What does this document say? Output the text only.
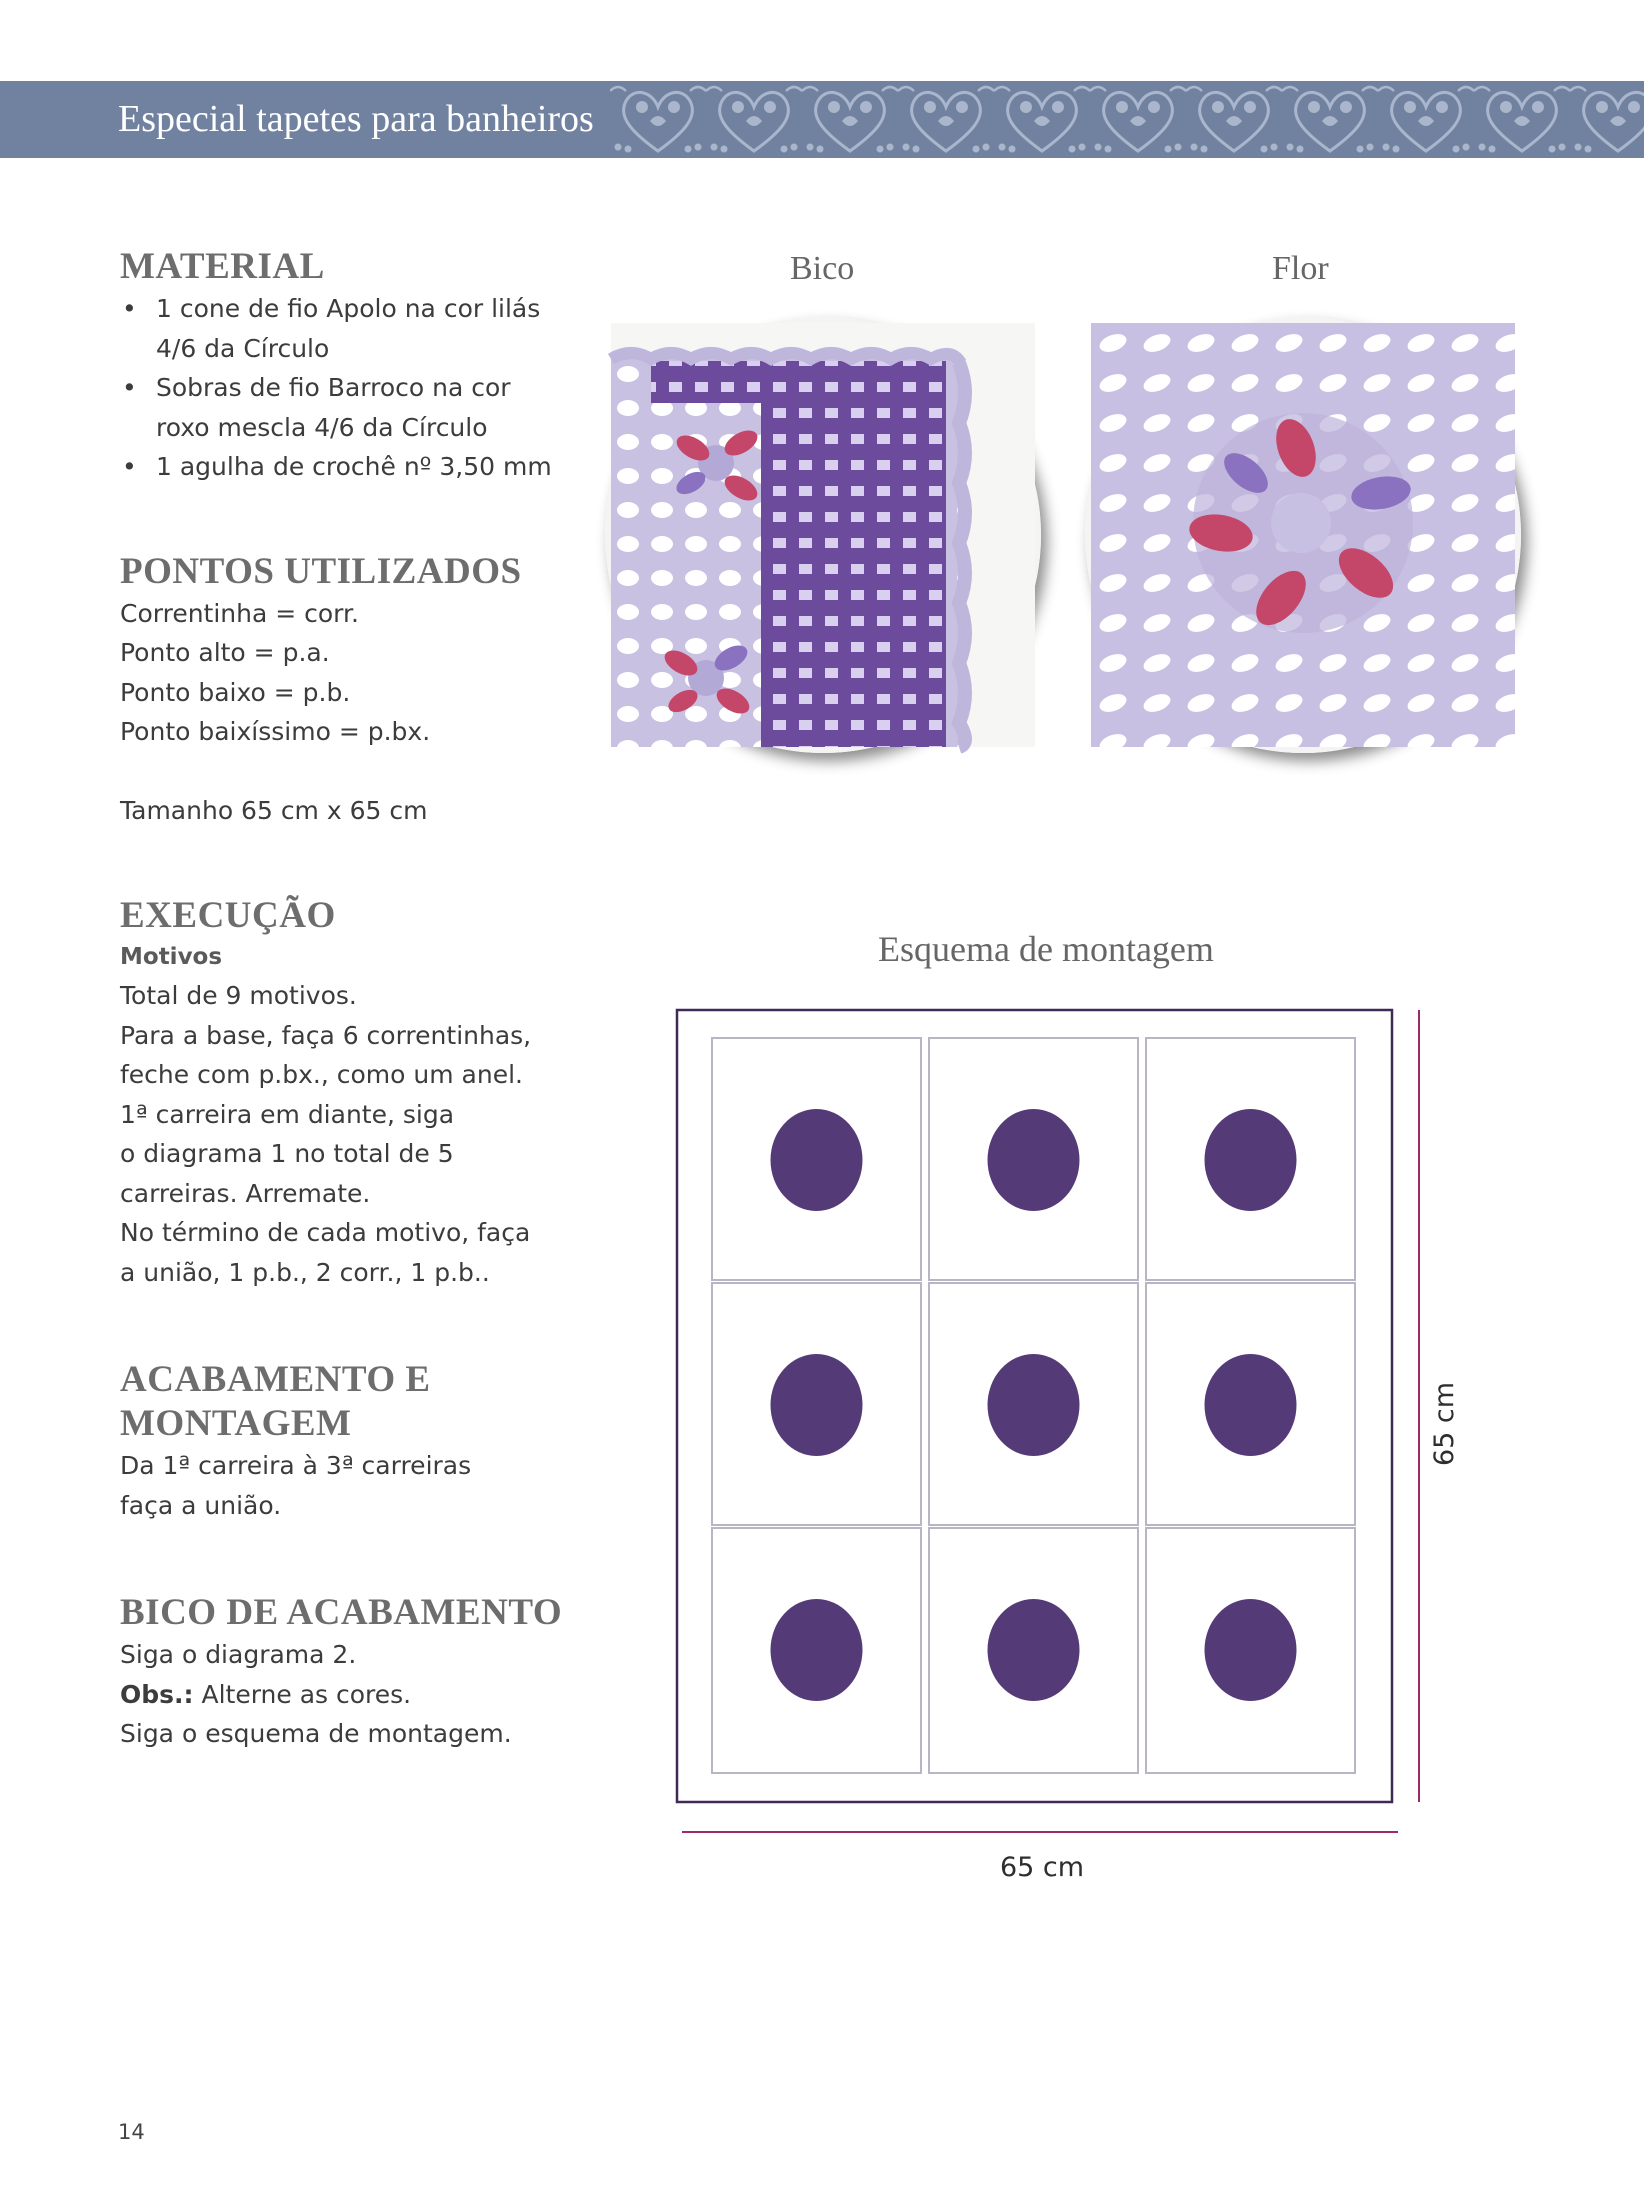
Especial tapetes para banheiros
MATERIAL
• 1 cone de fio Apolo na cor lilás
4/6 da Círculo
• Sobras de fio Barroco na cor
roxo mescla 4/6 da Círculo
• 1 agulha de crochê nº 3,50 mm
PONTOS UTILIZADOS

Correntinha = corr.

Ponto alto = p.a.

Ponto baixo = p.b.

Ponto baixíssimo = p.bx.

Tamanho 65 cm x 65 cm

EXECUÇÃO

Motivos

Total de 9 motivos.

Para a base, faça 6 correntinhas,

feche com p.bx., como um anel.

1ª carreira em diante, siga

o diagrama 1 no total de 5

carreiras. Arremate.

No término de cada motivo, faça

a união, 1 p.b., 2 corr., 1 p.b..

ACABAMENTO E
MONTAGEM

Da 1ª carreira à 3ª carreiras

faça a união.

BICO DE ACABAMENTO

Siga o diagrama 2.

Obs.: Alterne as cores.

Siga o esquema de montagem.

Bico	Flor
Esquema de montagem
65 cm
65 cm
14
